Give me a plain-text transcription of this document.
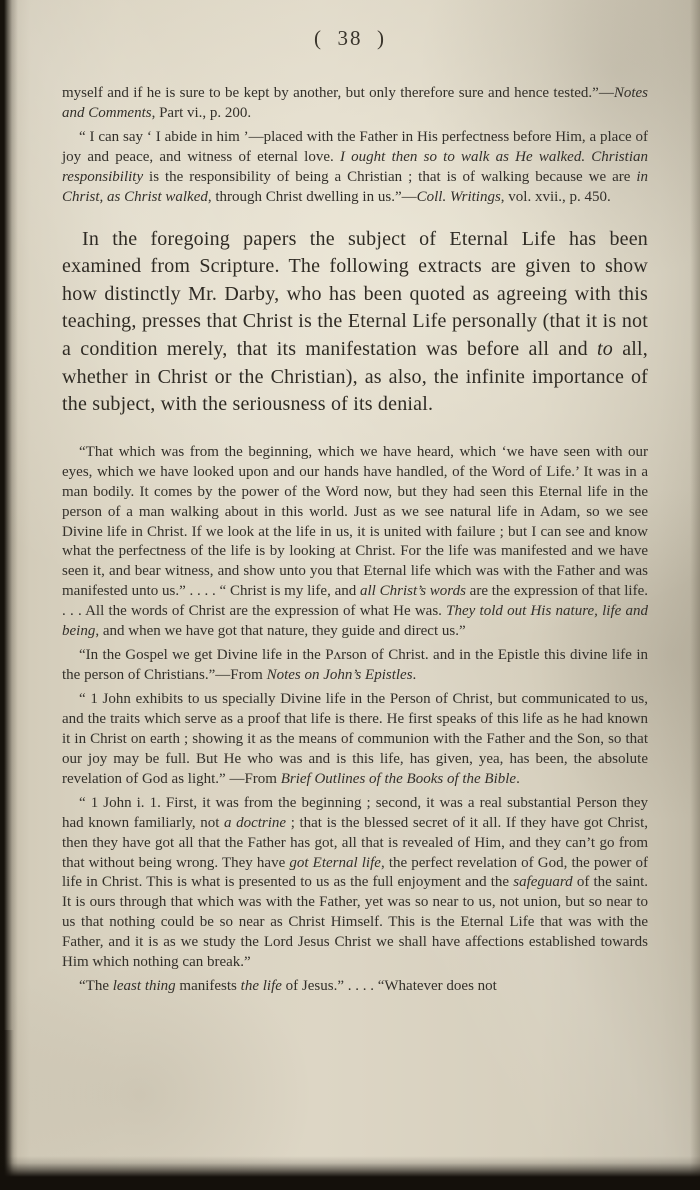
(  38  )

myself and if he is sure to be kept by another, but only therefore sure and hence tested.”—Notes and Comments, Part vi., p. 200.

“ I can say ‘ I abide in him ’—placed with the Father in His perfectness before Him, a place of joy and peace, and witness of eternal love. I ought then so to walk as He walked. Christian responsibility is the responsibility of being a Christian ; that is of walking because we are in Christ, as Christ walked, through Christ dwelling in us.”—Coll. Writings, vol. xvii., p. 450.

In the foregoing papers the subject of Eternal Life has been examined from Scripture. The following extracts are given to show how distinctly Mr. Darby, who has been quoted as agreeing with this teaching, presses that Christ is the Eternal Life personally (that it is not a condition merely, that its manifestation was before all and to all, whether in Christ or the Christian), as also, the infinite importance of the subject, with the seriousness of its denial.

“That which was from the beginning, which we have heard, which ‘we have seen with our eyes, which we have looked upon and our hands have handled, of the Word of Life.’ It was in a man bodily. It comes by the power of the Word now, but they had seen this Eternal life in the person of a man walking about in this world. Just as we see natural life in Adam, so we see Divine life in Christ. If we look at the life in us, it is united with failure ; but I can see and know what the perfectness of the life is by looking at Christ. For the life was manifested and we have seen it, and bear witness, and show unto you that Eternal life which was with the Father and was manifested unto us.” . . . . “ Christ is my life, and all Christ’s words are the expression of that life. . . . All the words of Christ are the expression of what He was. They told out His nature, life and being, and when we have got that nature, they guide and direct us.”

“In the Gospel we get Divine life in the Pʌrson of Christ. and in the Epistle this divine life in the person of Christians.”—From Notes on John’s Epistles.

“ 1 John exhibits to us specially Divine life in the Person of Christ, but communicated to us, and the traits which serve as a proof that life is there. He first speaks of this life as he had known it in Christ on earth ; showing it as the means of communion with the Father and the Son, so that our joy may be full. But He who was and is this life, has given, yea, has been, the absolute revelation of God as light.” —From Brief Outlines of the Books of the Bible.

“ 1 John i. 1. First, it was from the beginning ; second, it was a real substantial Person they had known familiarly, not a doctrine ; that is the blessed secret of it all. If they have got Christ, then they have got all that the Father has got, all that is revealed of Him, and they can’t go from that without being wrong. They have got Eternal life, the perfect revelation of God, the power of life in Christ. This is what is presented to us as the full enjoyment and the safeguard of the saint. It is ours through that which was with the Father, yet was so near to us, not union, but so near to us that nothing could be so near as Christ Himself. This is the Eternal Life that was with the Father, and it is as we study the Lord Jesus Christ we shall have affections established towards Him which nothing can break.”

“The least thing manifests the life of Jesus.” . . . . “Whatever does not
